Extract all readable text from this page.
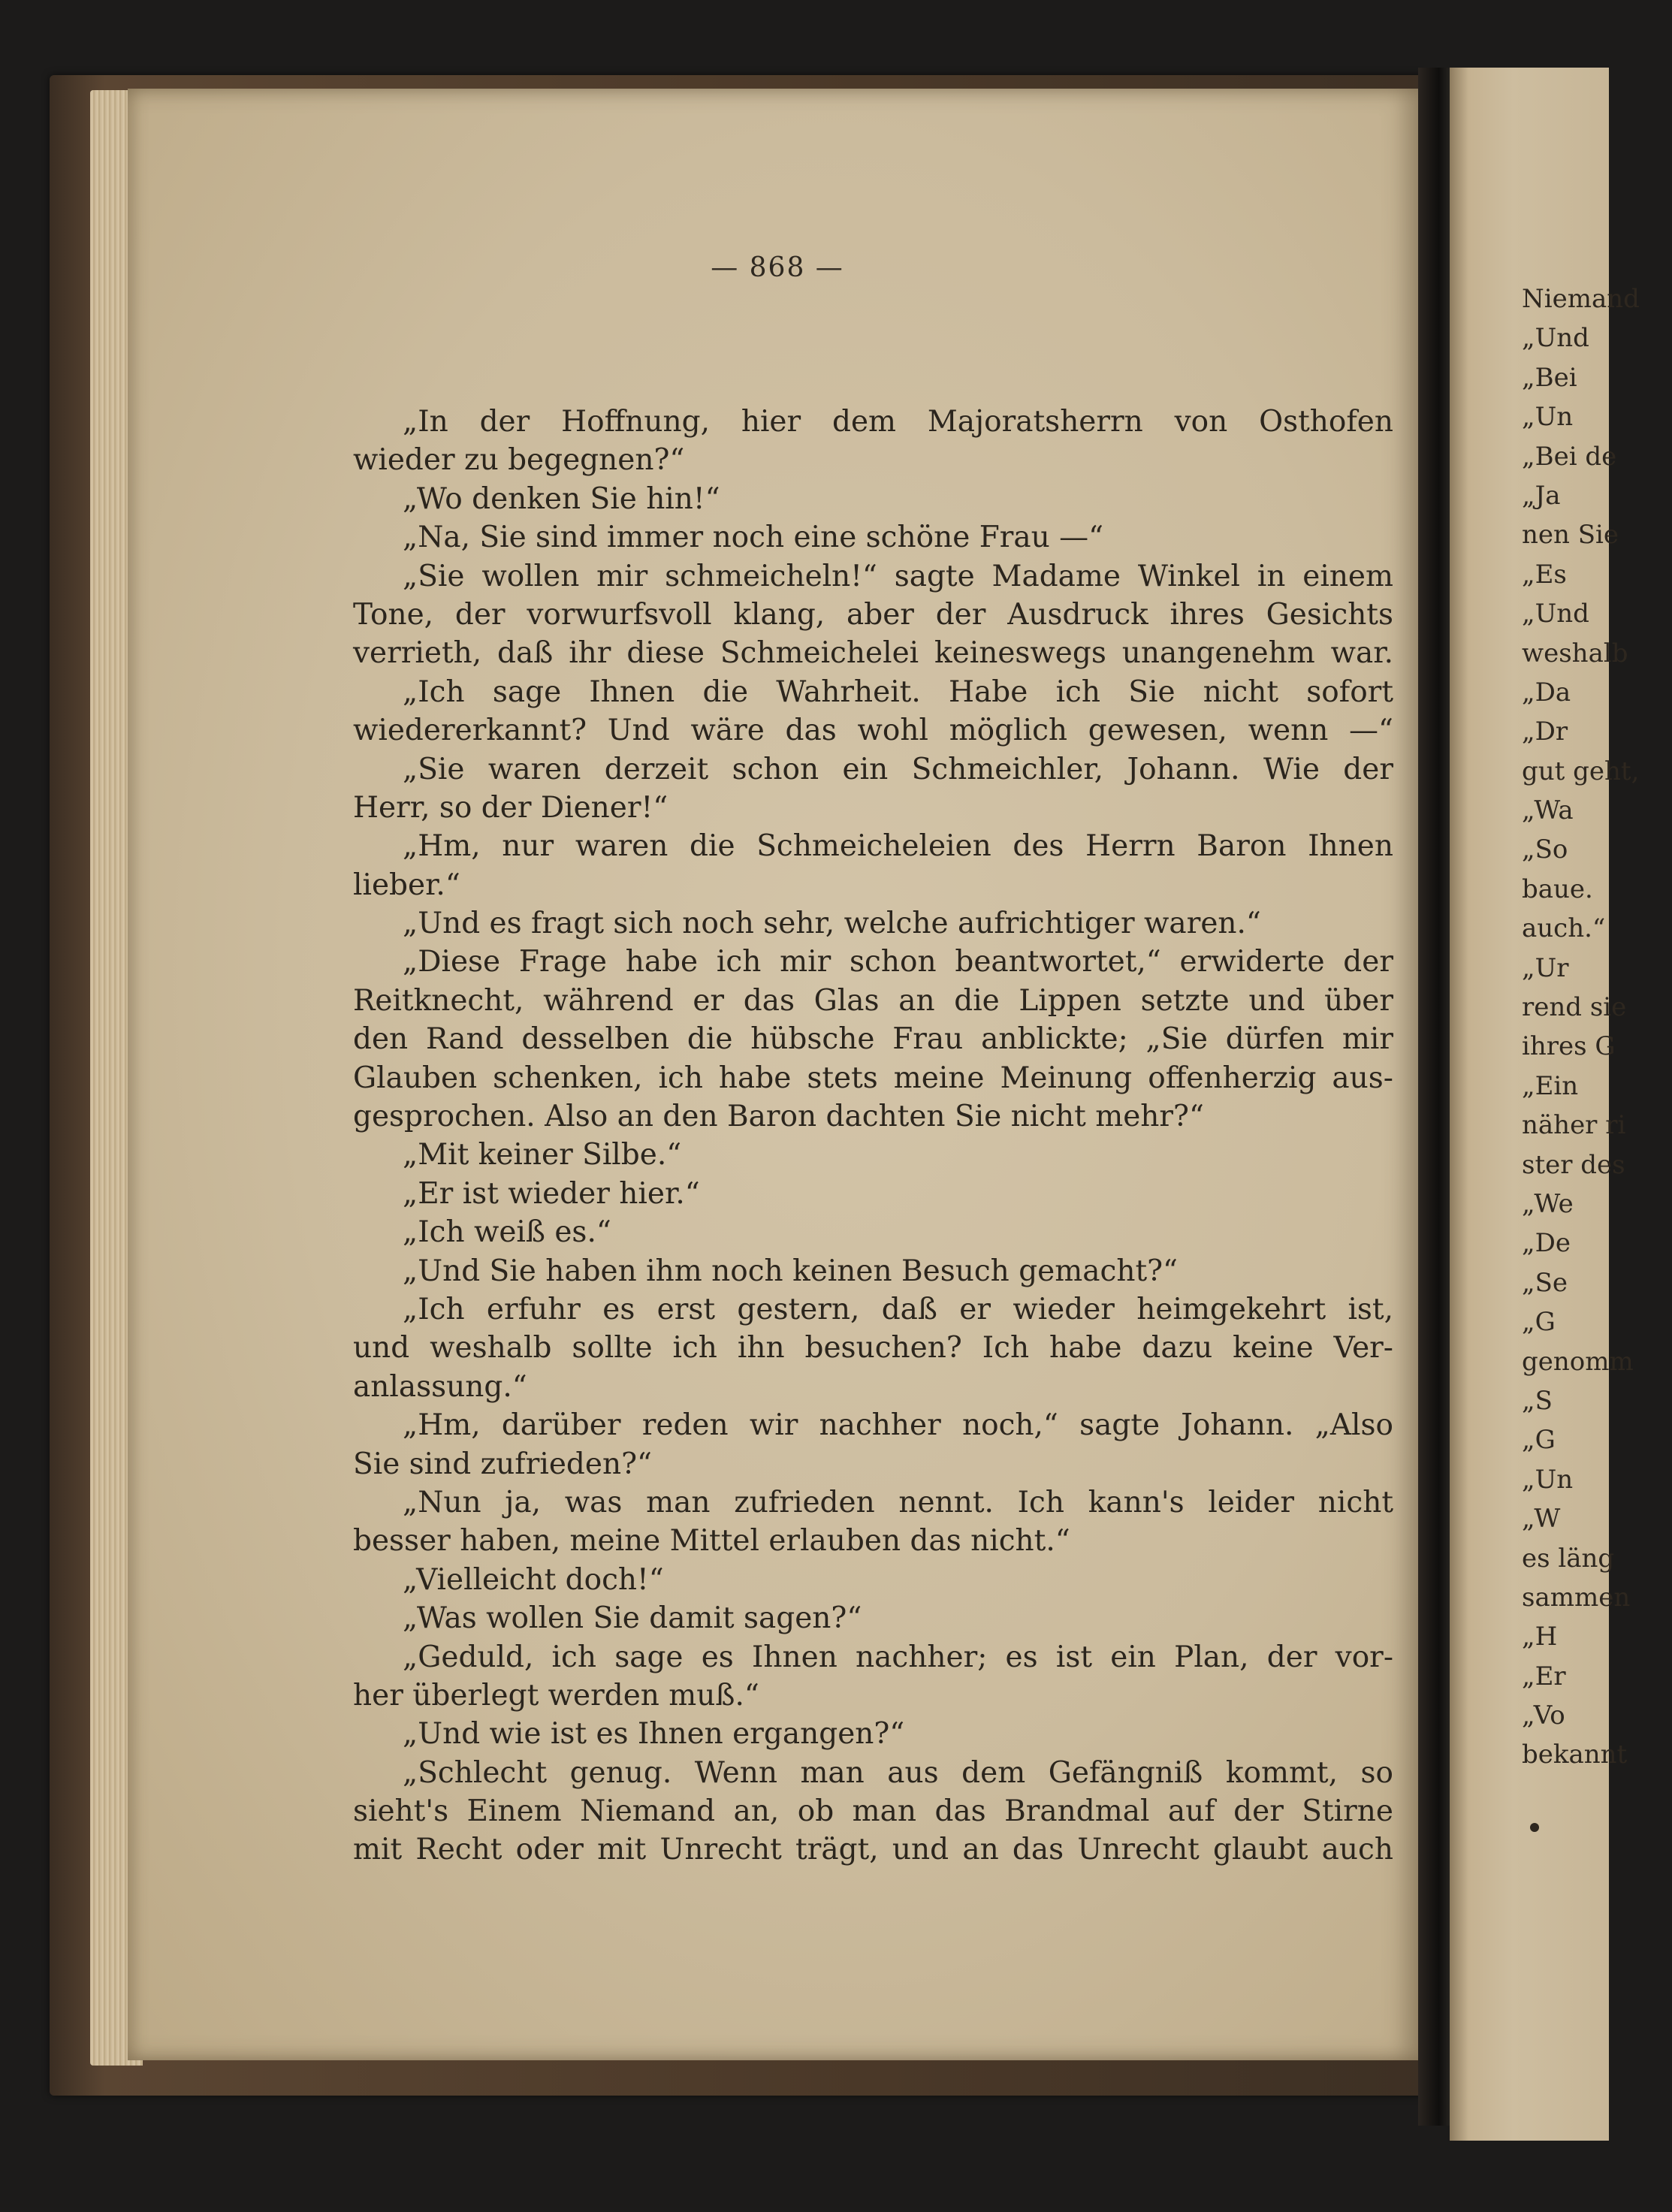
— 868 —
„In der Hoffnung, hier dem Majoratsherrn von Osthofen
wieder zu begegnen?“
„Wo denken Sie hin!“
„Na, Sie sind immer noch eine schöne Frau —“
„Sie wollen mir schmeicheln!“ sagte Madame Winkel in einem
Tone, der vorwurfsvoll klang, aber der Ausdruck ihres Gesichts
verrieth, daß ihr diese Schmeichelei keineswegs unangenehm war.
„Ich sage Ihnen die Wahrheit. Habe ich Sie nicht sofort
wiedererkannt? Und wäre das wohl möglich gewesen, wenn —“
„Sie waren derzeit schon ein Schmeichler, Johann. Wie der
Herr, so der Diener!“
„Hm, nur waren die Schmeicheleien des Herrn Baron Ihnen
lieber.“
„Und es fragt sich noch sehr, welche aufrichtiger waren.“
„Diese Frage habe ich mir schon beantwortet,“ erwiderte der
Reitknecht, während er das Glas an die Lippen setzte und über
den Rand desselben die hübsche Frau anblickte; „Sie dürfen mir
Glauben schenken, ich habe stets meine Meinung offenherzig aus-
gesprochen. Also an den Baron dachten Sie nicht mehr?“
„Mit keiner Silbe.“
„Er ist wieder hier.“
„Ich weiß es.“
„Und Sie haben ihm noch keinen Besuch gemacht?“
„Ich erfuhr es erst gestern, daß er wieder heimgekehrt ist,
und weshalb sollte ich ihn besuchen? Ich habe dazu keine Ver-
anlassung.“
„Hm, darüber reden wir nachher noch,“ sagte Johann. „Also
Sie sind zufrieden?“
„Nun ja, was man zufrieden nennt. Ich kann's leider nicht
besser haben, meine Mittel erlauben das nicht.“
„Vielleicht doch!“
„Was wollen Sie damit sagen?“
„Geduld, ich sage es Ihnen nachher; es ist ein Plan, der vor-
her überlegt werden muß.“
„Und wie ist es Ihnen ergangen?“
„Schlecht genug. Wenn man aus dem Gefängniß kommt, so
sieht's Einem Niemand an, ob man das Brandmal auf der Stirne
mit Recht oder mit Unrecht trägt, und an das Unrecht glaubt auch
Niemand
„Und
„Bei
„Un
„Bei de
„Ja
nen Sie
„Es
„Und
weshalb
„Da
„Dr
gut geht,
„Wa
„So
baue.
auch.“
„Ur
rend sie
ihres G
„Ein
näher ri
ster des
„We
„De
„Se
„G
genomm
„S
„G
„Un
„W
es läng
sammen
„H
„Er
„Vo
bekannt
